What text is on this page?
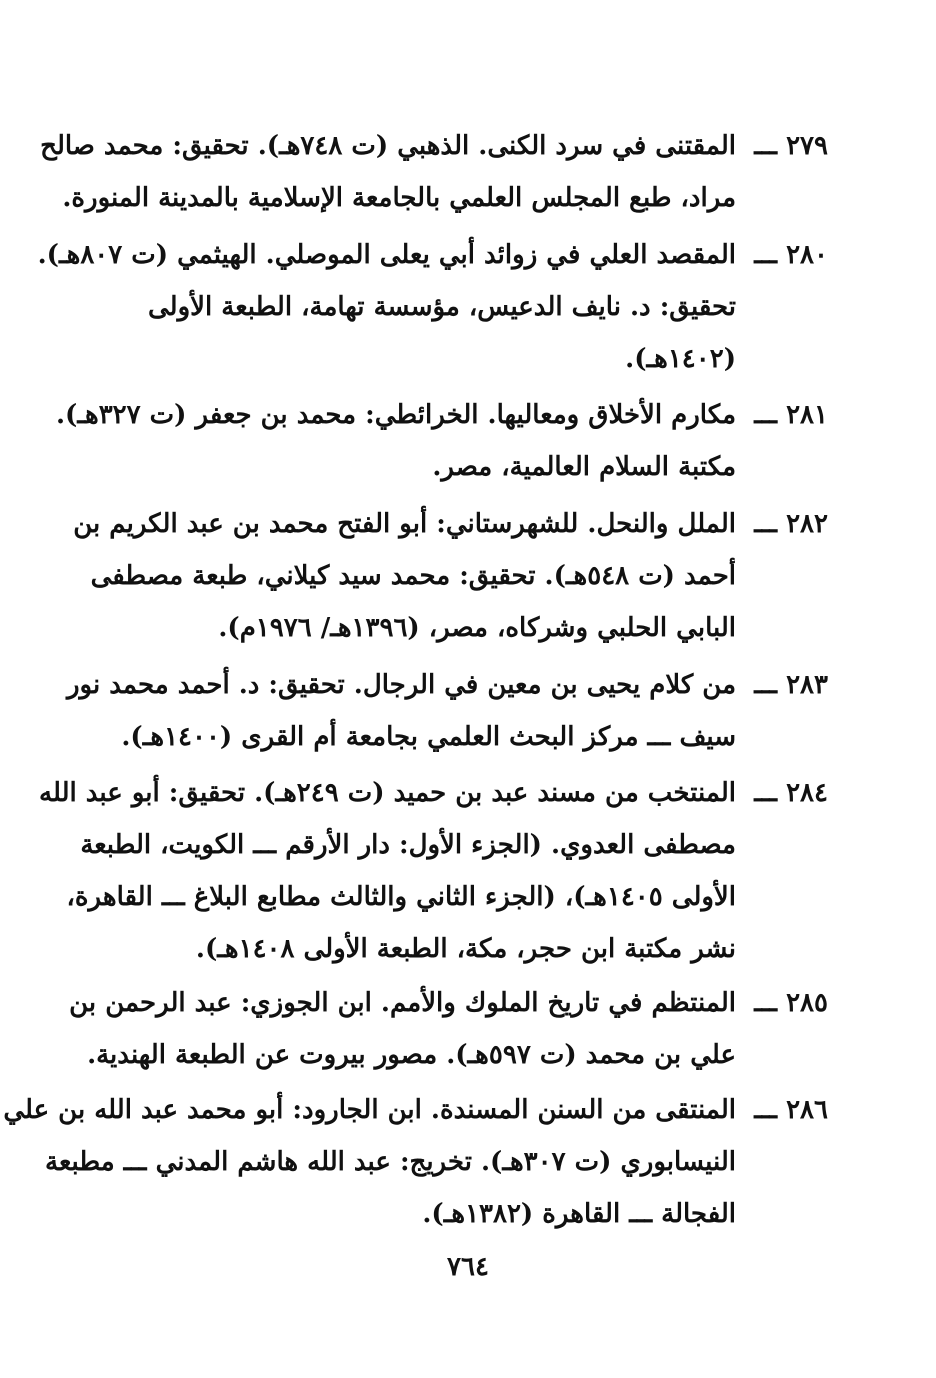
٢٧٩ ـــالمقتنى في سرد الكنى. الذهبي (ت ٧٤٨هـ). تحقيق: محمد صالح
مراد، طبع المجلس العلمي بالجامعة الإسلامية بالمدينة المنورة.
٢٨٠ ـــالمقصد العلي في زوائد أبي يعلى الموصلي. الهيثمي (ت ٨٠٧هـ).
تحقيق: د. نايف الدعيس، مؤسسة تهامة، الطبعة الأولى
(١٤٠٢هـ).
٢٨١ ـــمكارم الأخلاق ومعاليها. الخرائطي: محمد بن جعفر (ت ٣٢٧هـ).
مكتبة السلام العالمية، مصر.
٢٨٢ ـــالملل والنحل. للشهرستاني: أبو الفتح محمد بن عبد الكريم بن
أحمد (ت ٥٤٨هـ). تحقيق: محمد سيد كيلاني، طبعة مصطفى
البابي الحلبي وشركاه، مصر، (١٣٩٦هـ/ ١٩٧٦م).
٢٨٣ ـــمن كلام يحيى بن معين في الرجال. تحقيق: د. أحمد محمد نور
سيف ـــ مركز البحث العلمي بجامعة أم القرى (١٤٠٠هـ).
٢٨٤ ـــالمنتخب من مسند عبد بن حميد (ت ٢٤٩هـ). تحقيق: أبو عبد الله
مصطفى العدوي. (الجزء الأول: دار الأرقم ـــ الكويت، الطبعة
الأولى ١٤٠٥هـ)، (الجزء الثاني والثالث مطابع البلاغ ـــ القاهرة،
نشر مكتبة ابن حجر، مكة، الطبعة الأولى ١٤٠٨هـ).
٢٨٥ ـــالمنتظم في تاريخ الملوك والأمم. ابن الجوزي: عبد الرحمن بن
علي بن محمد (ت ٥٩٧هـ). مصور بيروت عن الطبعة الهندية.
٢٨٦ ـــالمنتقى من السنن المسندة. ابن الجارود: أبو محمد عبد الله بن علي
النيسابوري (ت ٣٠٧هـ). تخريج: عبد الله هاشم المدني ـــ مطبعة
الفجالة ـــ القاهرة (١٣٨٢هـ).
٧٦٤
